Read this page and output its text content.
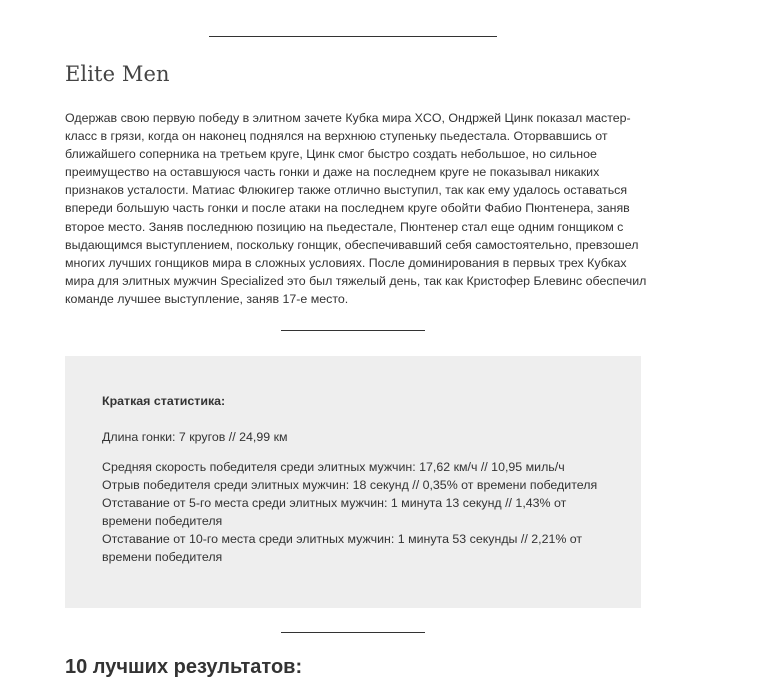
Elite Men

Одержав свою первую победу в элитном зачете Кубка мира XCO, Ондржей Цинк показал мастер-класс в грязи, когда он наконец поднялся на верхнюю ступеньку пьедестала. Оторвавшись от ближайшего соперника на третьем круге, Цинк смог быстро создать небольшое, но сильное преимущество на оставшуюся часть гонки и даже на последнем круге не показывал никаких признаков усталости. Матиас Флюкигер также отлично выступил, так как ему удалось оставаться впереди большую часть гонки и после атаки на последнем круге обойти Фабио Пюнтенера, заняв второе место. Заняв последнюю позицию на пьедестале, Пюнтенер стал еще одним гонщиком с выдающимся выступлением, поскольку гонщик, обеспечивавший себя самостоятельно, превзошел многих лучших гонщиков мира в сложных условиях. После доминирования в первых трех Кубках мира для элитных мужчин Specialized это был тяжелый день, так как Кристофер Блевинс обеспечил команде лучшее выступление, заняв 17-е место.

Краткая статистика:

Длина гонки: 7 кругов // 24,99 км

Средняя скорость победителя среди элитных мужчин: 17,62 км/ч // 10,95 миль/ч

Отрыв победителя среди элитных мужчин: 18 секунд // 0,35% от времени победителя

Отставание от 5-го места среди элитных мужчин: 1 минута 13 секунд // 1,43% от времени победителя

Отставание от 10-го места среди элитных мужчин: 1 минута 53 секунды // 2,21% от времени победителя

10 лучших результатов:
